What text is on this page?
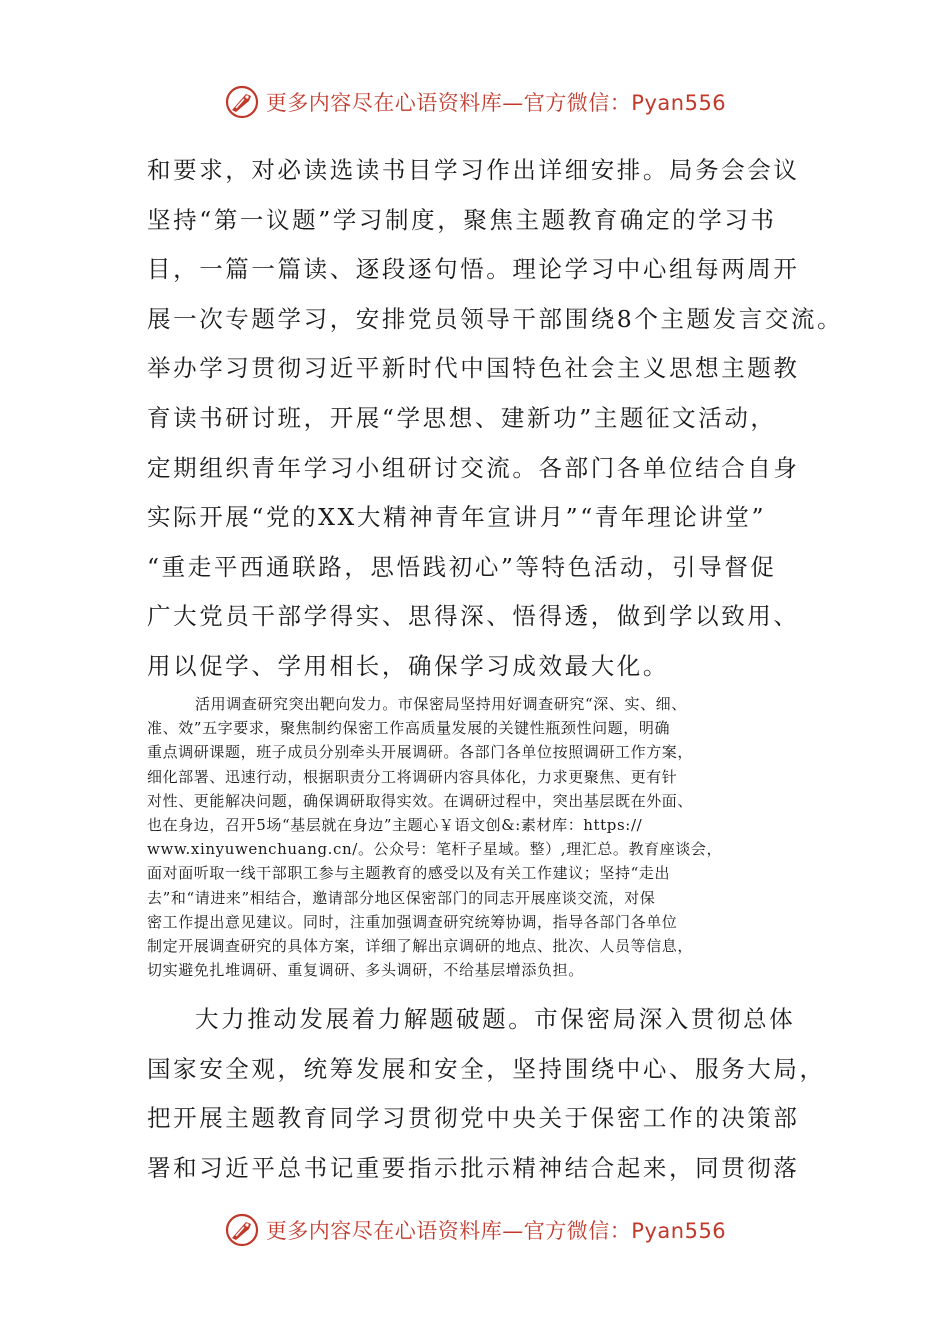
更多内容尽在心语资料库—官方微信：Pyan556

和要求，对必读选读书目学习作出详细安排。局务会会议

坚持“第一议题”学习制度，聚焦主题教育确定的学习书

目，一篇一篇读、逐段逐句悟。理论学习中心组每两周开

展一次专题学习，安排党员领导干部围绕8个主题发言交流。

举办学习贯彻习近平新时代中国特色社会主义思想主题教

育读书研讨班，开展“学思想、建新功”主题征文活动，

定期组织青年学习小组研讨交流。各部门各单位结合自身

实际开展“党的XX大精神青年宣讲月”“青年理论讲堂”

“重走平西通联路，思悟践初心”等特色活动，引导督促

广大党员干部学得实、思得深、悟得透，做到学以致用、

用以促学、学用相长，确保学习成效最大化。

活用调查研究突出靶向发力。市保密局坚持用好调查研究“深、实、细、

准、效”五字要求，聚焦制约保密工作高质量发展的关键性瓶颈性问题，明确

重点调研课题，班子成员分别牵头开展调研。各部门各单位按照调研工作方案，

细化部署、迅速行动，根据职责分工将调研内容具体化，力求更聚焦、更有针

对性、更能解决问题，确保调研取得实效。在调研过程中，突出基层既在外面、

也在身边，召开5场“基层就在身边”主题心￥语文创&:素材库：https://

www.xinyuwenchuang.cn/。公众号：笔杆子星域。整）,理汇总。教育座谈会，

面对面听取一线干部职工参与主题教育的感受以及有关工作建议；坚持“走出

去”和“请进来”相结合，邀请部分地区保密部门的同志开展座谈交流，对保

密工作提出意见建议。同时，注重加强调查研究统筹协调，指导各部门各单位

制定开展调查研究的具体方案，详细了解出京调研的地点、批次、人员等信息，

切实避免扎堆调研、重复调研、多头调研，不给基层增添负担。

大力推动发展着力解题破题。市保密局深入贯彻总体

国家安全观，统筹发展和安全，坚持围绕中心、服务大局，

把开展主题教育同学习贯彻党中央关于保密工作的决策部

署和习近平总书记重要指示批示精神结合起来，同贯彻落

更多内容尽在心语资料库—官方微信：Pyan556
